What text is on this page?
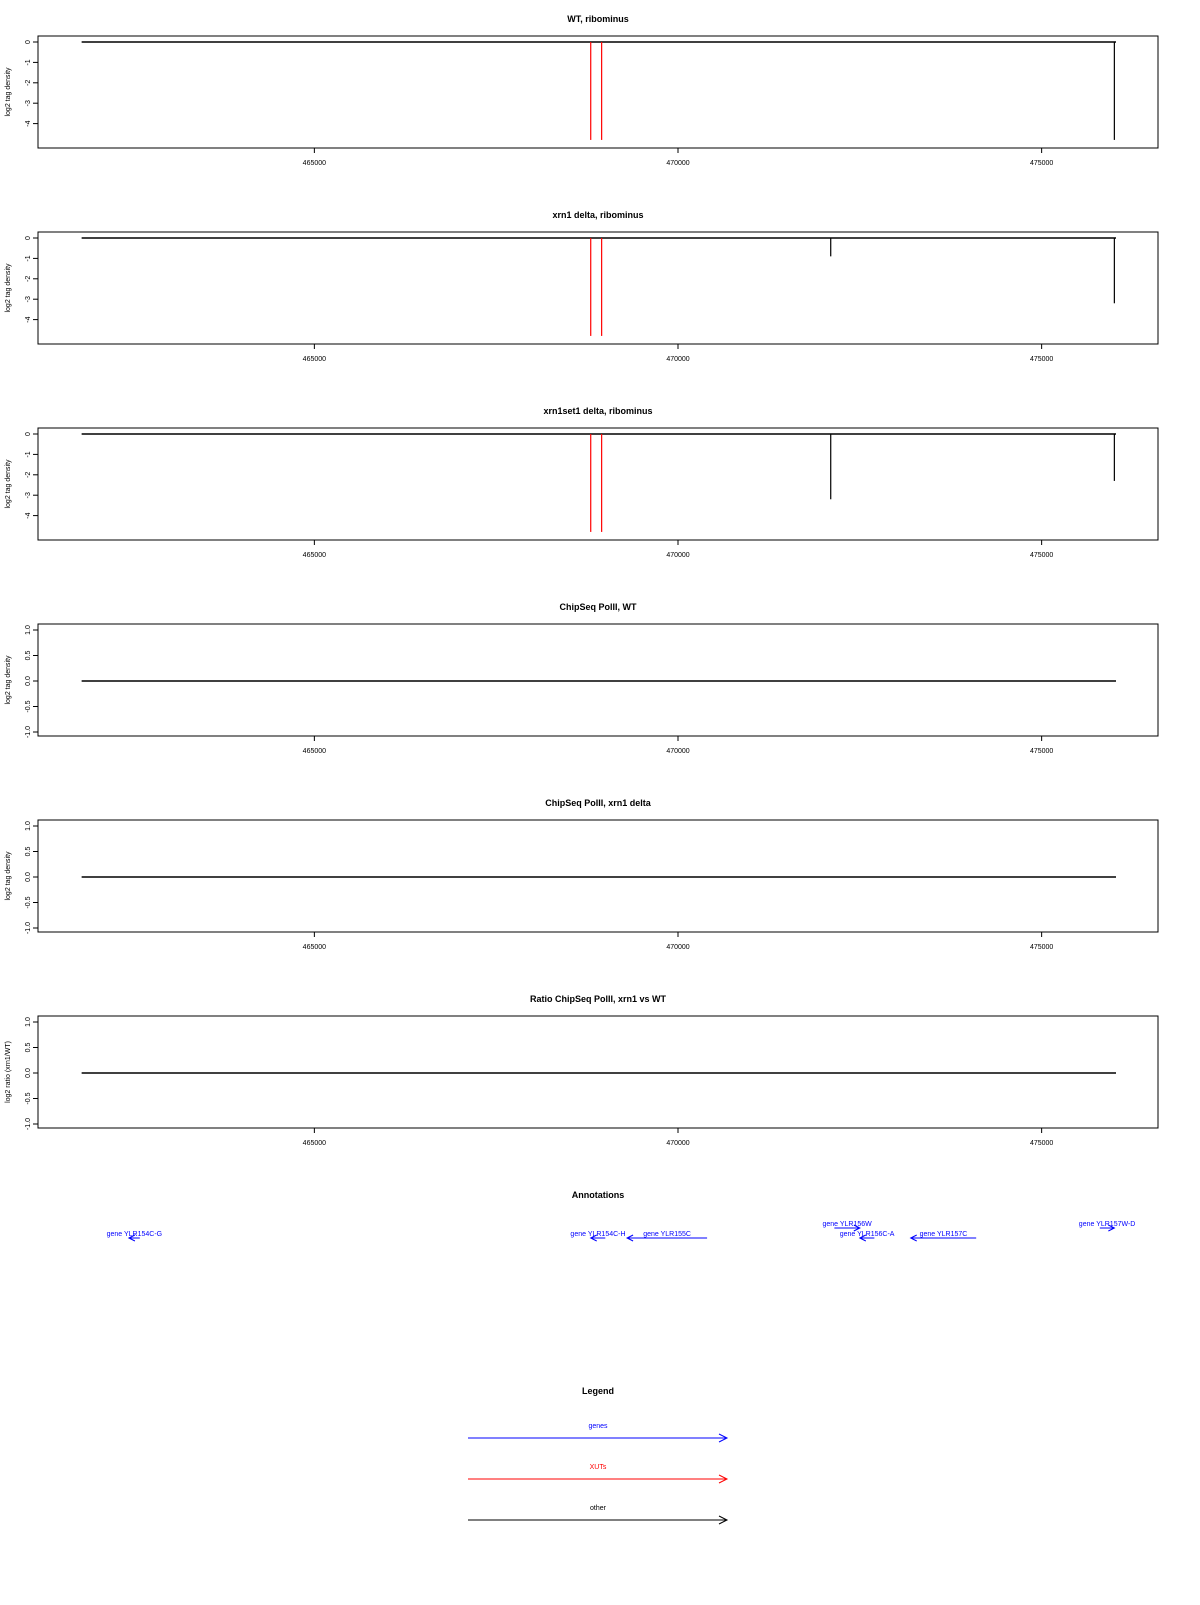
WT, ribominus
log2 tag density
0
-1
-2
-3
-4
465000	470000	475000
xrn1 delta, ribominus
log2 tag density
0
-1
-2
-3
-4
465000	470000	475000
xrn1set1 delta, ribominus
log2 tag density
0
-1
-2
-3
-4
465000	470000	475000
ChipSeq PolII, WT
log2 tag density
1.0
0.5
0.0
-0.5
-1.0
465000	470000	475000
ChipSeq PolII, xrn1 delta
log2 tag density
1.0
0.5
0.0
-0.5
-1.0
465000	470000	475000
Ratio ChipSeq PolII, xrn1 vs WT
log2 ratio (xrn1/WT)
1.0
0.5
0.0
-0.5
-1.0
465000	470000	475000
Annotations
gene YLR154C-G	gene YLR154C-H	gene YLR155C
gene YLR156W
gene YLR156C-A	gene YLR157C
gene YLR157W-D
Legend
genes
XUTs
other
